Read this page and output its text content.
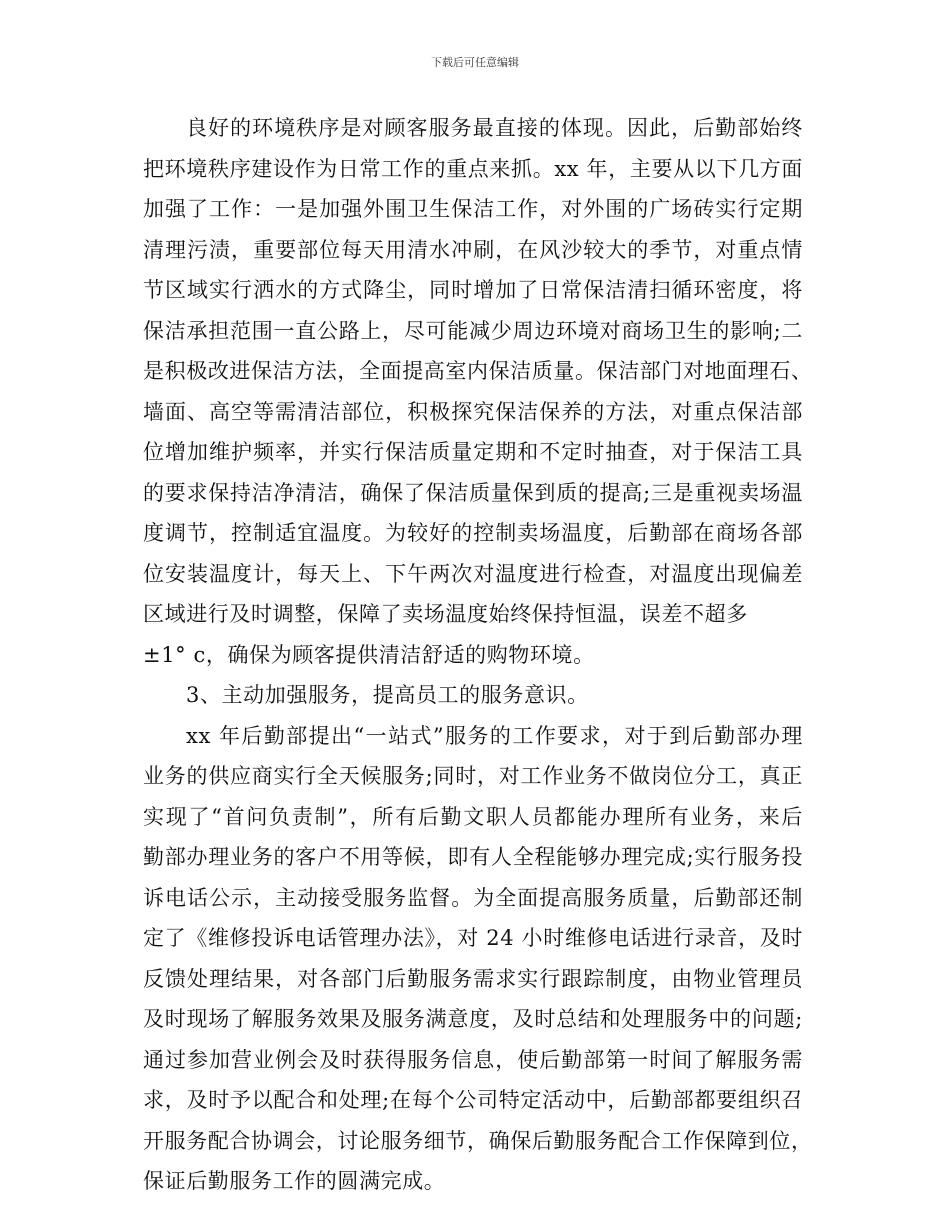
下载后可任意编辑
良好的环境秩序是对顾客服务最直接的体现。因此，后勤部始终
把环境秩序建设作为日常工作的重点来抓。xx 年，主要从以下几方面
加强了工作：一是加强外围卫生保洁工作，对外围的广场砖实行定期
清理污渍，重要部位每天用清水冲刷，在风沙较大的季节，对重点情
节区域实行洒水的方式降尘，同时增加了日常保洁清扫循环密度，将
保洁承担范围一直公路上，尽可能减少周边环境对商场卫生的影响;二
是积极改进保洁方法，全面提高室内保洁质量。保洁部门对地面理石、
墙面、高空等需清洁部位，积极探究保洁保养的方法，对重点保洁部
位增加维护频率，并实行保洁质量定期和不定时抽查，对于保洁工具
的要求保持洁净清洁，确保了保洁质量保到质的提高;三是重视卖场温
度调节，控制适宜温度。为较好的控制卖场温度，后勤部在商场各部
位安装温度计，每天上、下午两次对温度进行检查，对温度出现偏差
区域进行及时调整，保障了卖场温度始终保持恒温，误差不超多
±1° c，确保为顾客提供清洁舒适的购物环境。
3、主动加强服务，提高员工的服务意识。
xx 年后勤部提出“一站式”服务的工作要求，对于到后勤部办理
业务的供应商实行全天候服务;同时，对工作业务不做岗位分工，真正
实现了“首问负责制”，所有后勤文职人员都能办理所有业务，来后
勤部办理业务的客户不用等候，即有人全程能够办理完成;实行服务投
诉电话公示，主动接受服务监督。为全面提高服务质量，后勤部还制
定了《维修投诉电话管理办法》，对 24 小时维修电话进行录音，及时
反馈处理结果，对各部门后勤服务需求实行跟踪制度，由物业管理员
及时现场了解服务效果及服务满意度，及时总结和处理服务中的问题;
通过参加营业例会及时获得服务信息，使后勤部第一时间了解服务需
求，及时予以配合和处理;在每个公司特定活动中，后勤部都要组织召
开服务配合协调会，讨论服务细节，确保后勤服务配合工作保障到位，
保证后勤服务工作的圆满完成。
